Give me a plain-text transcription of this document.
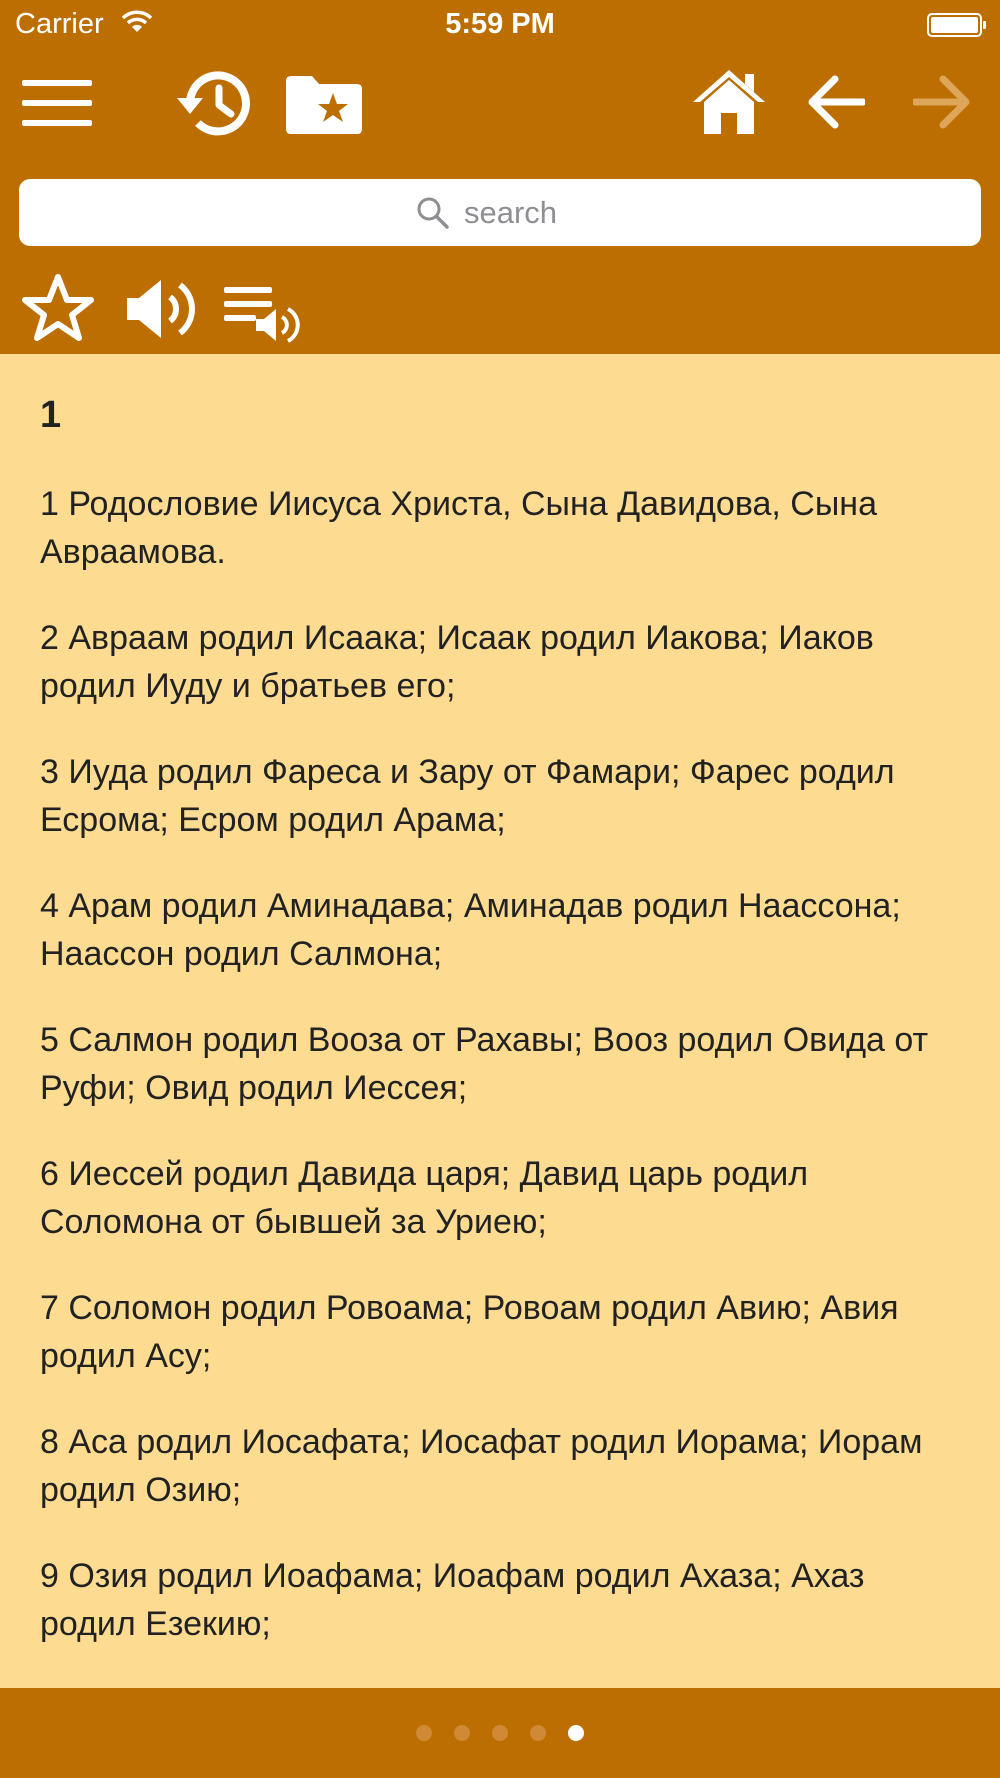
Carrier	5:59 PM
search
1

1 Родословие Иисуса Христа, Сына Давидова, Сына Авраамова.

2 Авраам родил Исаака; Исаак родил Иакова; Иаков родил Иуду и братьев его;

3 Иуда родил Фареса и Зару от Фамари; Фарес родил Есрома; Есром родил Арама;

4 Арам родил Аминадава; Аминадав родил Наассона; Наассон родил Салмона;

5 Салмон родил Вооза от Рахавы; Вооз родил Овида от Руфи; Овид родил Иессея;

6 Иессей родил Давида царя; Давид царь родил Соломона от бывшей за Уриею;

7 Соломон родил Ровоама; Ровоам родил Авию; Авия родил Асу;

8 Аса родил Иосафата; Иосафат родил Иорама; Иорам родил Озию;

9 Озия родил Иоафама; Иоафам родил Ахаза; Ахаз родил Езекию;
